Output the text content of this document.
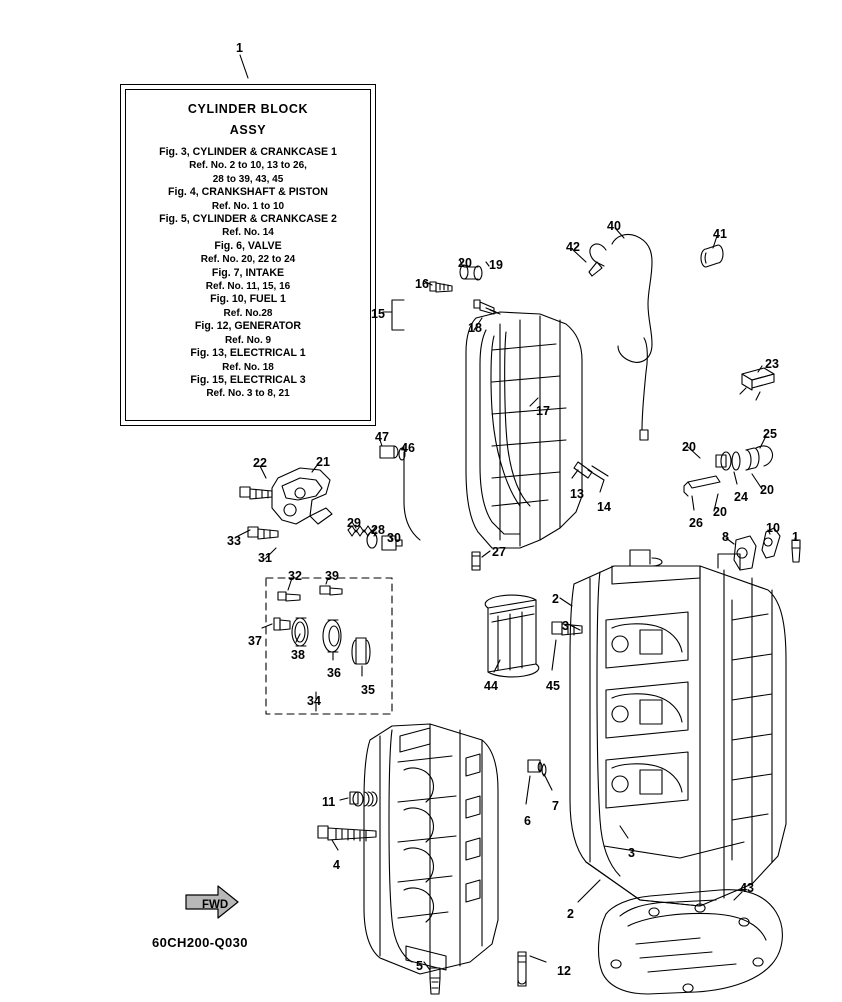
CYLINDER BLOCK
ASSY
Fig. 3, CYLINDER & CRANKCASE 1
Ref. No. 2 to 10, 13 to 26,
28 to 39, 43, 45
Fig. 4, CRANKSHAFT & PISTON
Ref. No. 1 to 10
Fig. 5, CYLINDER & CRANKCASE 2
Ref. No. 14
Fig. 6, VALVE
Ref. No. 20, 22 to 24
Fig. 7, INTAKE
Ref. No. 11, 15, 16
Fig. 10, FUEL 1
Ref. No.28
Fig. 12, GENERATOR
Ref. No. 9
Fig. 13, ELECTRICAL 1
Ref. No. 18
Fig. 15, ELECTRICAL 3
Ref. No. 3 to 8, 21
FWD
60CH200-Q030
1
40
41
42
20 19
16
15
18
23
17
47
46	20
25
22	21
13
14
24 20
26
20
33
29 28
30
31
10
1
8
32 39
27
2
3
37
38
36
35
34
44	45
11	7
6
4
3
43
2
5	12
